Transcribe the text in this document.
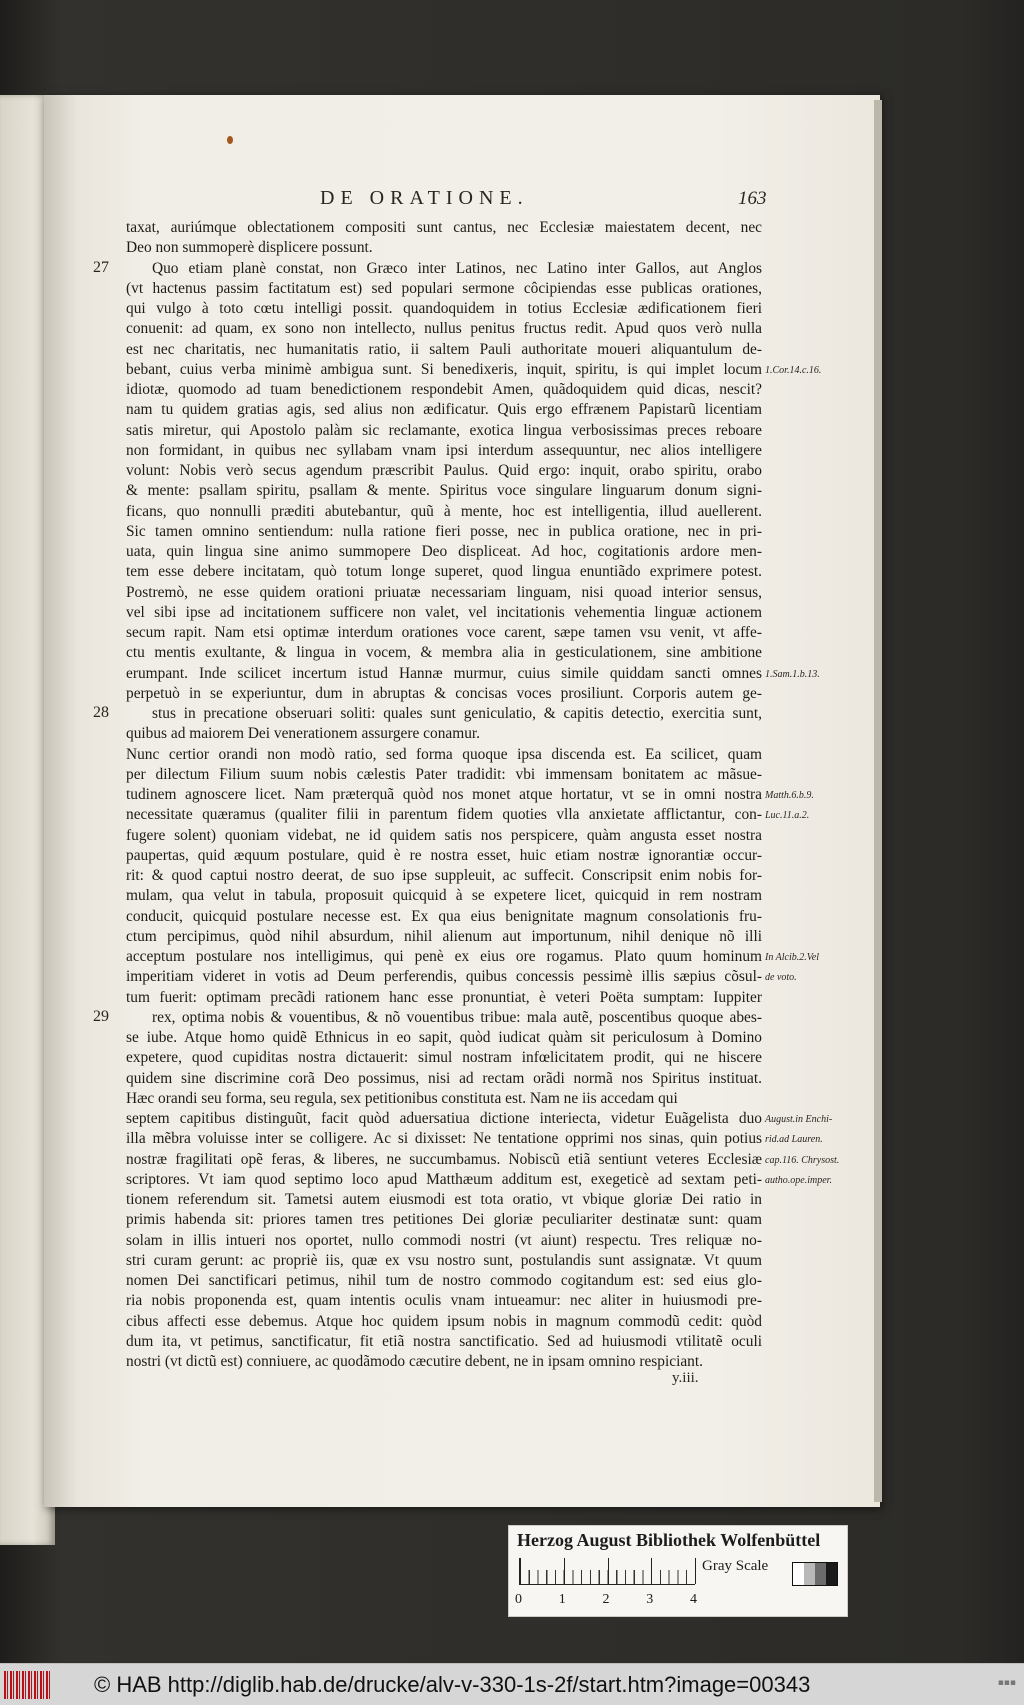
DE ORATIONE.	163
taxat, auriúmque oblectationem compositi sunt cantus, nec Ecclesiæ maiestatem decent, nec
Deo non summoperè displicere possunt.
Quo etiam planè constat, non Græco inter Latinos, nec Latino inter Gallos, aut Anglos
(vt hactenus passim factitatum est) sed populari sermone côcipiendas esse publicas orationes,
qui vulgo à toto cœtu intelligi possit. quandoquidem in totius Ecclesiæ ædificationem fieri
conuenit: ad quam, ex sono non intellecto, nullus penitus fructus redit. Apud quos verò nulla
est nec charitatis, nec humanitatis ratio, ii saltem Pauli authoritate moueri aliquantulum de-
bebant, cuius verba minimè ambigua sunt. Si benedixeris, inquit, spiritu, is qui implet locum
idiotæ, quomodo ad tuam benedictionem respondebit Amen, quãdoquidem quid dicas, nescit?
nam tu quidem gratias agis, sed alius non ædificatur. Quis ergo effrænem Papistarũ licentiam
satis miretur, qui Apostolo palàm sic reclamante, exotica lingua verbosissimas preces reboare
non formidant, in quibus nec syllabam vnam ipsi interdum assequuntur, nec alios intelligere
volunt: Nobis verò secus agendum præscribit Paulus. Quid ergo: inquit, orabo spiritu, orabo
& mente: psallam spiritu, psallam & mente. Spiritus voce singulare linguarum donum signi-
ficans, quo nonnulli præditi abutebantur, quũ à mente, hoc est intelligentia, illud auellerent.
Sic tamen omnino sentiendum: nulla ratione fieri posse, nec in publica oratione, nec in pri-
uata, quin lingua sine animo summopere Deo displiceat. Ad hoc, cogitationis ardore men-
tem esse debere incitatam, quò totum longe superet, quod lingua enuntiãdo exprimere potest.
Postremò, ne esse quidem orationi priuatæ necessariam linguam, nisi quoad interior sensus,
vel sibi ipse ad incitationem sufficere non valet, vel incitationis vehementia linguæ actionem
secum rapit. Nam etsi optimæ interdum orationes voce carent, sæpe tamen vsu venit, vt affe-
ctu mentis exultante, & lingua in vocem, & membra alia in gesticulationem, sine ambitione
erumpant. Inde scilicet incertum istud Hannæ murmur, cuius simile quiddam sancti omnes
perpetuò in se experiuntur, dum in abruptas & concisas voces prosiliunt. Corporis autem ge-
stus in precatione obseruari soliti: quales sunt geniculatio, & capitis detectio, exercitia sunt,
quibus ad maiorem Dei venerationem assurgere conamur.
Nunc certior orandi non modò ratio, sed forma quoque ipsa discenda est. Ea scilicet, quam
per dilectum Filium suum nobis cælestis Pater tradidit: vbi immensam bonitatem ac mãsue-
tudinem agnoscere licet. Nam præterquã quòd nos monet atque hortatur, vt se in omni nostra
necessitate quæramus (qualiter filii in parentum fidem quoties vlla anxietate afflictantur, con-
fugere solent) quoniam videbat, ne id quidem satis nos perspicere, quàm angusta esset nostra
paupertas, quid æquum postulare, quid è re nostra esset, huic etiam nostræ ignorantiæ occur-
rit: & quod captui nostro deerat, de suo ipse suppleuit, ac suffecit. Conscripsit enim nobis for-
mulam, qua velut in tabula, proposuit quicquid à se expetere licet, quicquid in rem nostram
conducit, quicquid postulare necesse est. Ex qua eius benignitate magnum consolationis fru-
ctum percipimus, quòd nihil absurdum, nihil alienum aut importunum, nihil denique nõ illi
acceptum postulare nos intelligimus, qui penè ex eius ore rogamus. Plato quum hominum
imperitiam videret in votis ad Deum perferendis, quibus concessis pessimè illis sæpius cõsul-
tum fuerit: optimam precãdi rationem hanc esse pronuntiat, è veteri Poëta sumptam: Iuppiter
rex, optima nobis & vouentibus, & nõ vouentibus tribue: mala autẽ, poscentibus quoque abes-
se iube. Atque homo quidẽ Ethnicus in eo sapit, quòd iudicat quàm sit periculosum à Domino
expetere, quod cupiditas nostra dictauerit: simul nostram infœlicitatem prodit, qui ne hiscere
quidem sine discrimine corã Deo possimus, nisi ad rectam orãdi normã nos Spiritus instituat.
Hæc orandi seu forma, seu regula, sex petitionibus constituta est. Nam ne iis accedam qui
septem capitibus distinguũt, facit quòd aduersatiua dictione interiecta, videtur Euãgelista duo
illa mẽbra voluisse inter se colligere. Ac si dixisset: Ne tentatione opprimi nos sinas, quin potius
nostræ fragilitati opẽ feras, & liberes, ne succumbamus. Nobiscũ etiã sentiunt veteres Ecclesiæ
scriptores. Vt iam quod septimo loco apud Matthæum additum est, exegeticè ad sextam peti-
tionem referendum sit. Tametsi autem eiusmodi est tota oratio, vt vbique gloriæ Dei ratio in
primis habenda sit: priores tamen tres petitiones Dei gloriæ peculiariter destinatæ sunt: quam
solam in illis intueri nos oportet, nullo commodi nostri (vt aiunt) respectu. Tres reliquæ no-
stri curam gerunt: ac propriè iis, quæ ex vsu nostro sunt, postulandis sunt assignatæ. Vt quum
nomen Dei sanctificari petimus, nihil tum de nostro commodo cogitandum est: sed eius glo-
ria nobis proponenda est, quam intentis oculis vnam intueamur: nec aliter in huiusmodi pre-
cibus affecti esse debemus. Atque hoc quidem ipsum nobis in magnum commodũ cedit: quòd
dum ita, vt petimus, sanctificatur, fit etiã nostra sanctificatio. Sed ad huiusmodi vtilitatẽ oculi
nostri (vt dictũ est) conniuere, ac quodãmodo cæcutire debent, ne in ipsam omnino respiciant.
27
28
29
1.Cor.14.c.16.
1.Sam.1.b.13.
Matth.6.b.9.
Luc.11.a.2.
In Alcib.2.Vel
de voto.
August.in Enchi-
rid.ad Lauren.
cap.116. Chrysost.
autho.ope.imper.
y.iii.
Herzog August Bibliothek Wolfenbüttel
0	1	2	3	4
Gray Scale
© HAB http://diglib.hab.de/drucke/alv-v-330-1s-2f/start.htm?image=00343	▪▪▪
